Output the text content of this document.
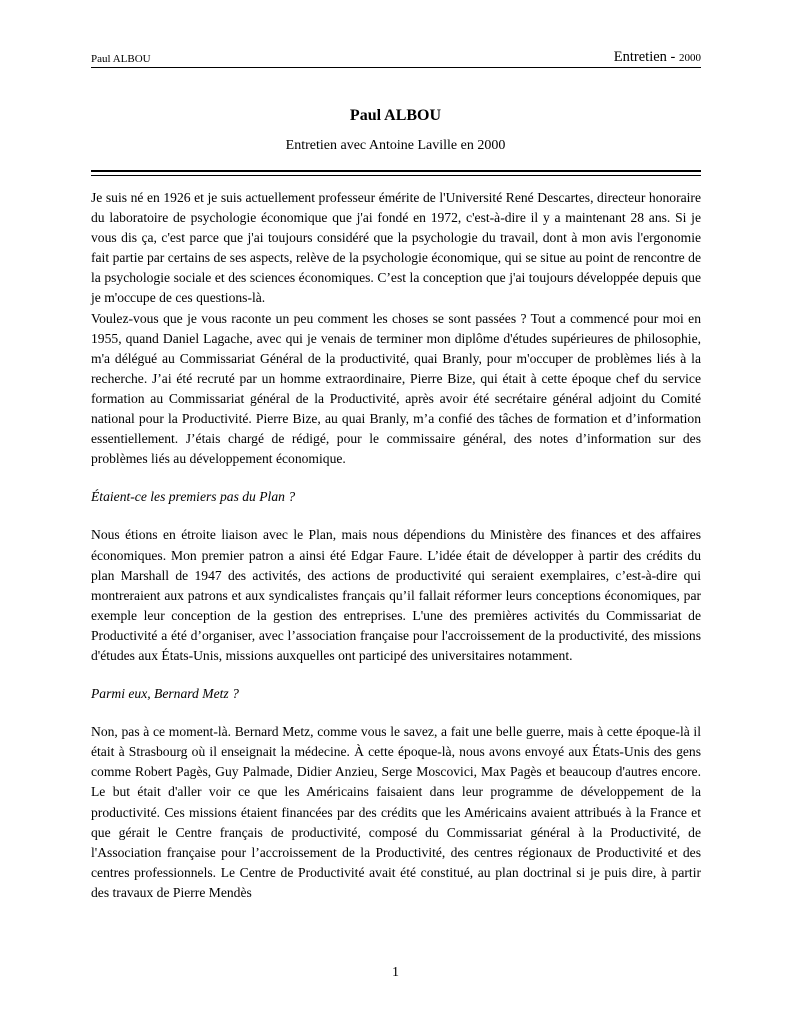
Paul ALBOU	Entretien - 2000
Paul ALBOU
Entretien avec Antoine Laville en 2000

Je suis né en 1926 et je suis actuellement professeur émérite de l'Université René Descartes, directeur honoraire du laboratoire de psychologie économique que j'ai fondé en 1972, c'est-à-dire il y a maintenant 28 ans. Si je vous dis ça, c'est parce que j'ai toujours considéré que la psychologie du travail, dont à mon avis l'ergonomie fait partie par certains de ses aspects, relève de la psychologie économique, qui se situe au point de rencontre de la psychologie sociale et des sciences économiques. C’est la conception que j'ai toujours développée depuis que je m'occupe de ces questions-là.

Voulez-vous que je vous raconte un peu comment les choses se sont passées ? Tout a commencé pour moi en 1955, quand Daniel Lagache, avec qui je venais de terminer mon diplôme d'études supérieures de philosophie, m'a délégué au Commissariat Général de la productivité, quai Branly, pour m'occuper de problèmes liés à la recherche. J’ai été recruté par un homme extraordinaire, Pierre Bize, qui était à cette époque chef du service formation au Commissariat général de la Productivité, après avoir été secrétaire général adjoint du Comité national pour la Productivité. Pierre Bize, au quai Branly, m’a confié des tâches de formation et d’information essentiellement. J’étais chargé de rédigé, pour le commissaire général, des notes d’information sur des problèmes liés au développement économique.

Étaient-ce les premiers pas du Plan ?

Nous étions en étroite liaison avec le Plan, mais nous dépendions du Ministère des finances et des affaires économiques. Mon premier patron a ainsi été Edgar Faure. L’idée était de développer à partir des crédits du plan Marshall de 1947 des activités, des actions de productivité qui seraient exemplaires, c’est-à-dire qui montreraient aux patrons et aux syndicalistes français qu’il fallait réformer leurs conceptions économiques, par exemple leur conception de la gestion des entreprises. L'une des premières activités du Commissariat de Productivité a été d’organiser, avec l’association française pour l'accroissement de la productivité, des missions d'études aux États-Unis, missions auxquelles ont participé des universitaires notamment.

Parmi eux, Bernard Metz ?

Non, pas à ce moment-là. Bernard Metz, comme vous le savez, a fait une belle guerre, mais à cette époque-là il était à Strasbourg où il enseignait la médecine. À cette époque-là, nous avons envoyé aux États-Unis des gens comme Robert Pagès, Guy Palmade, Didier Anzieu, Serge Moscovici, Max Pagès et beaucoup d'autres encore. Le but était d'aller voir ce que les Américains faisaient dans leur programme de développement de la productivité. Ces missions étaient financées par des crédits que les Américains avaient attribués à la France et que gérait le Centre français de productivité, composé du Commissariat général à la Productivité, de l'Association française pour l’accroissement de la Productivité, des centres régionaux de Productivité et des centres professionnels. Le Centre de Productivité avait été constitué, au plan doctrinal si je puis dire, à partir des travaux de Pierre Mendès

1
